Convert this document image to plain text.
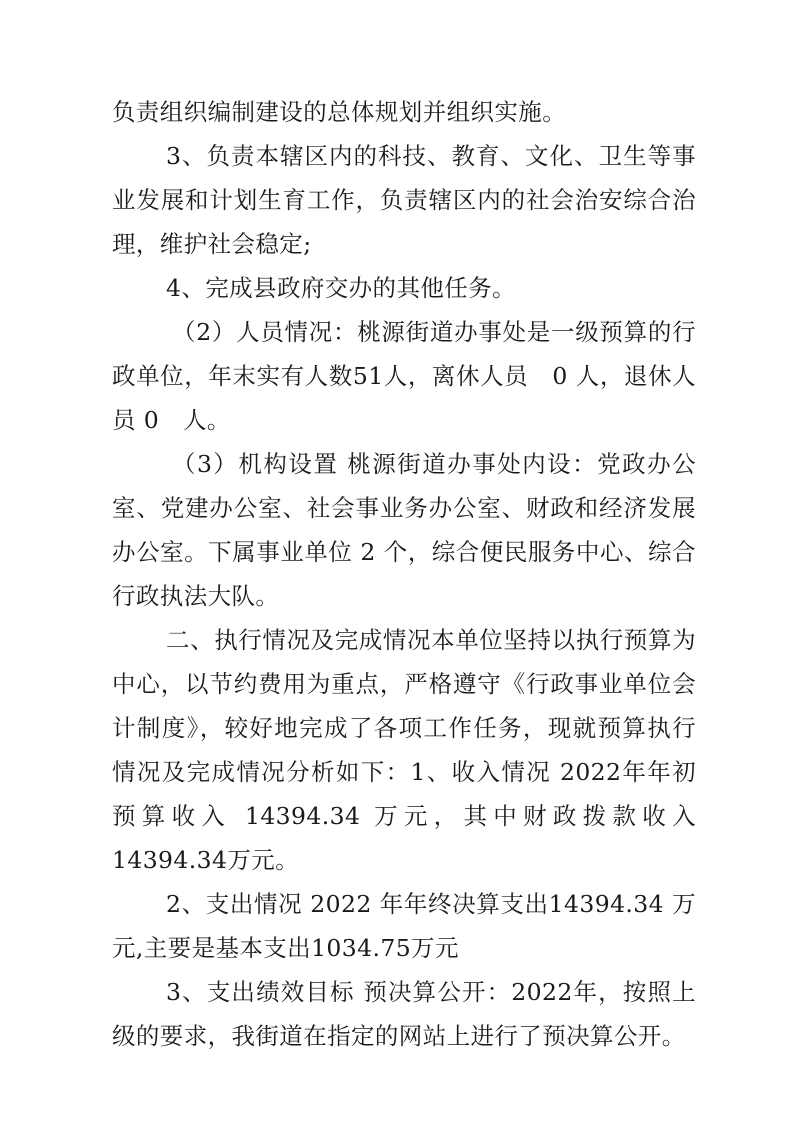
负责组织编制建设的总体规划并组织实施。

3、负责本辖区内的科技、教育、文化、卫生等事业发展和计划生育工作，负责辖区内的社会治安综合治理，维护社会稳定;

4、完成县政府交办的其他任务。

（2）人员情况：桃源街道办事处是一级预算的行政单位，年末实有人数51人，离休人员　0 人，退休人员 0　人。

（3）机构设置 桃源街道办事处内设：党政办公室、党建办公室、社会事业务办公室、财政和经济发展办公室。下属事业单位 2 个，综合便民服务中心、综合行政执法大队。

二、执行情况及完成情况本单位坚持以执行预算为中心，以节约费用为重点，严格遵守《行政事业单位会计制度》，较好地完成了各项工作任务，现就预算执行情况及完成情况分析如下：1、收入情况 2022年年初预算收入 14394.34 万元，其中财政拨款收入 14394.34万元。

2、支出情况 2022 年年终决算支出14394.34 万元,主要是基本支出1034.75万元

3、支出绩效目标 预决算公开：2022年，按照上级的要求，我街道在指定的网站上进行了预决算公开。
